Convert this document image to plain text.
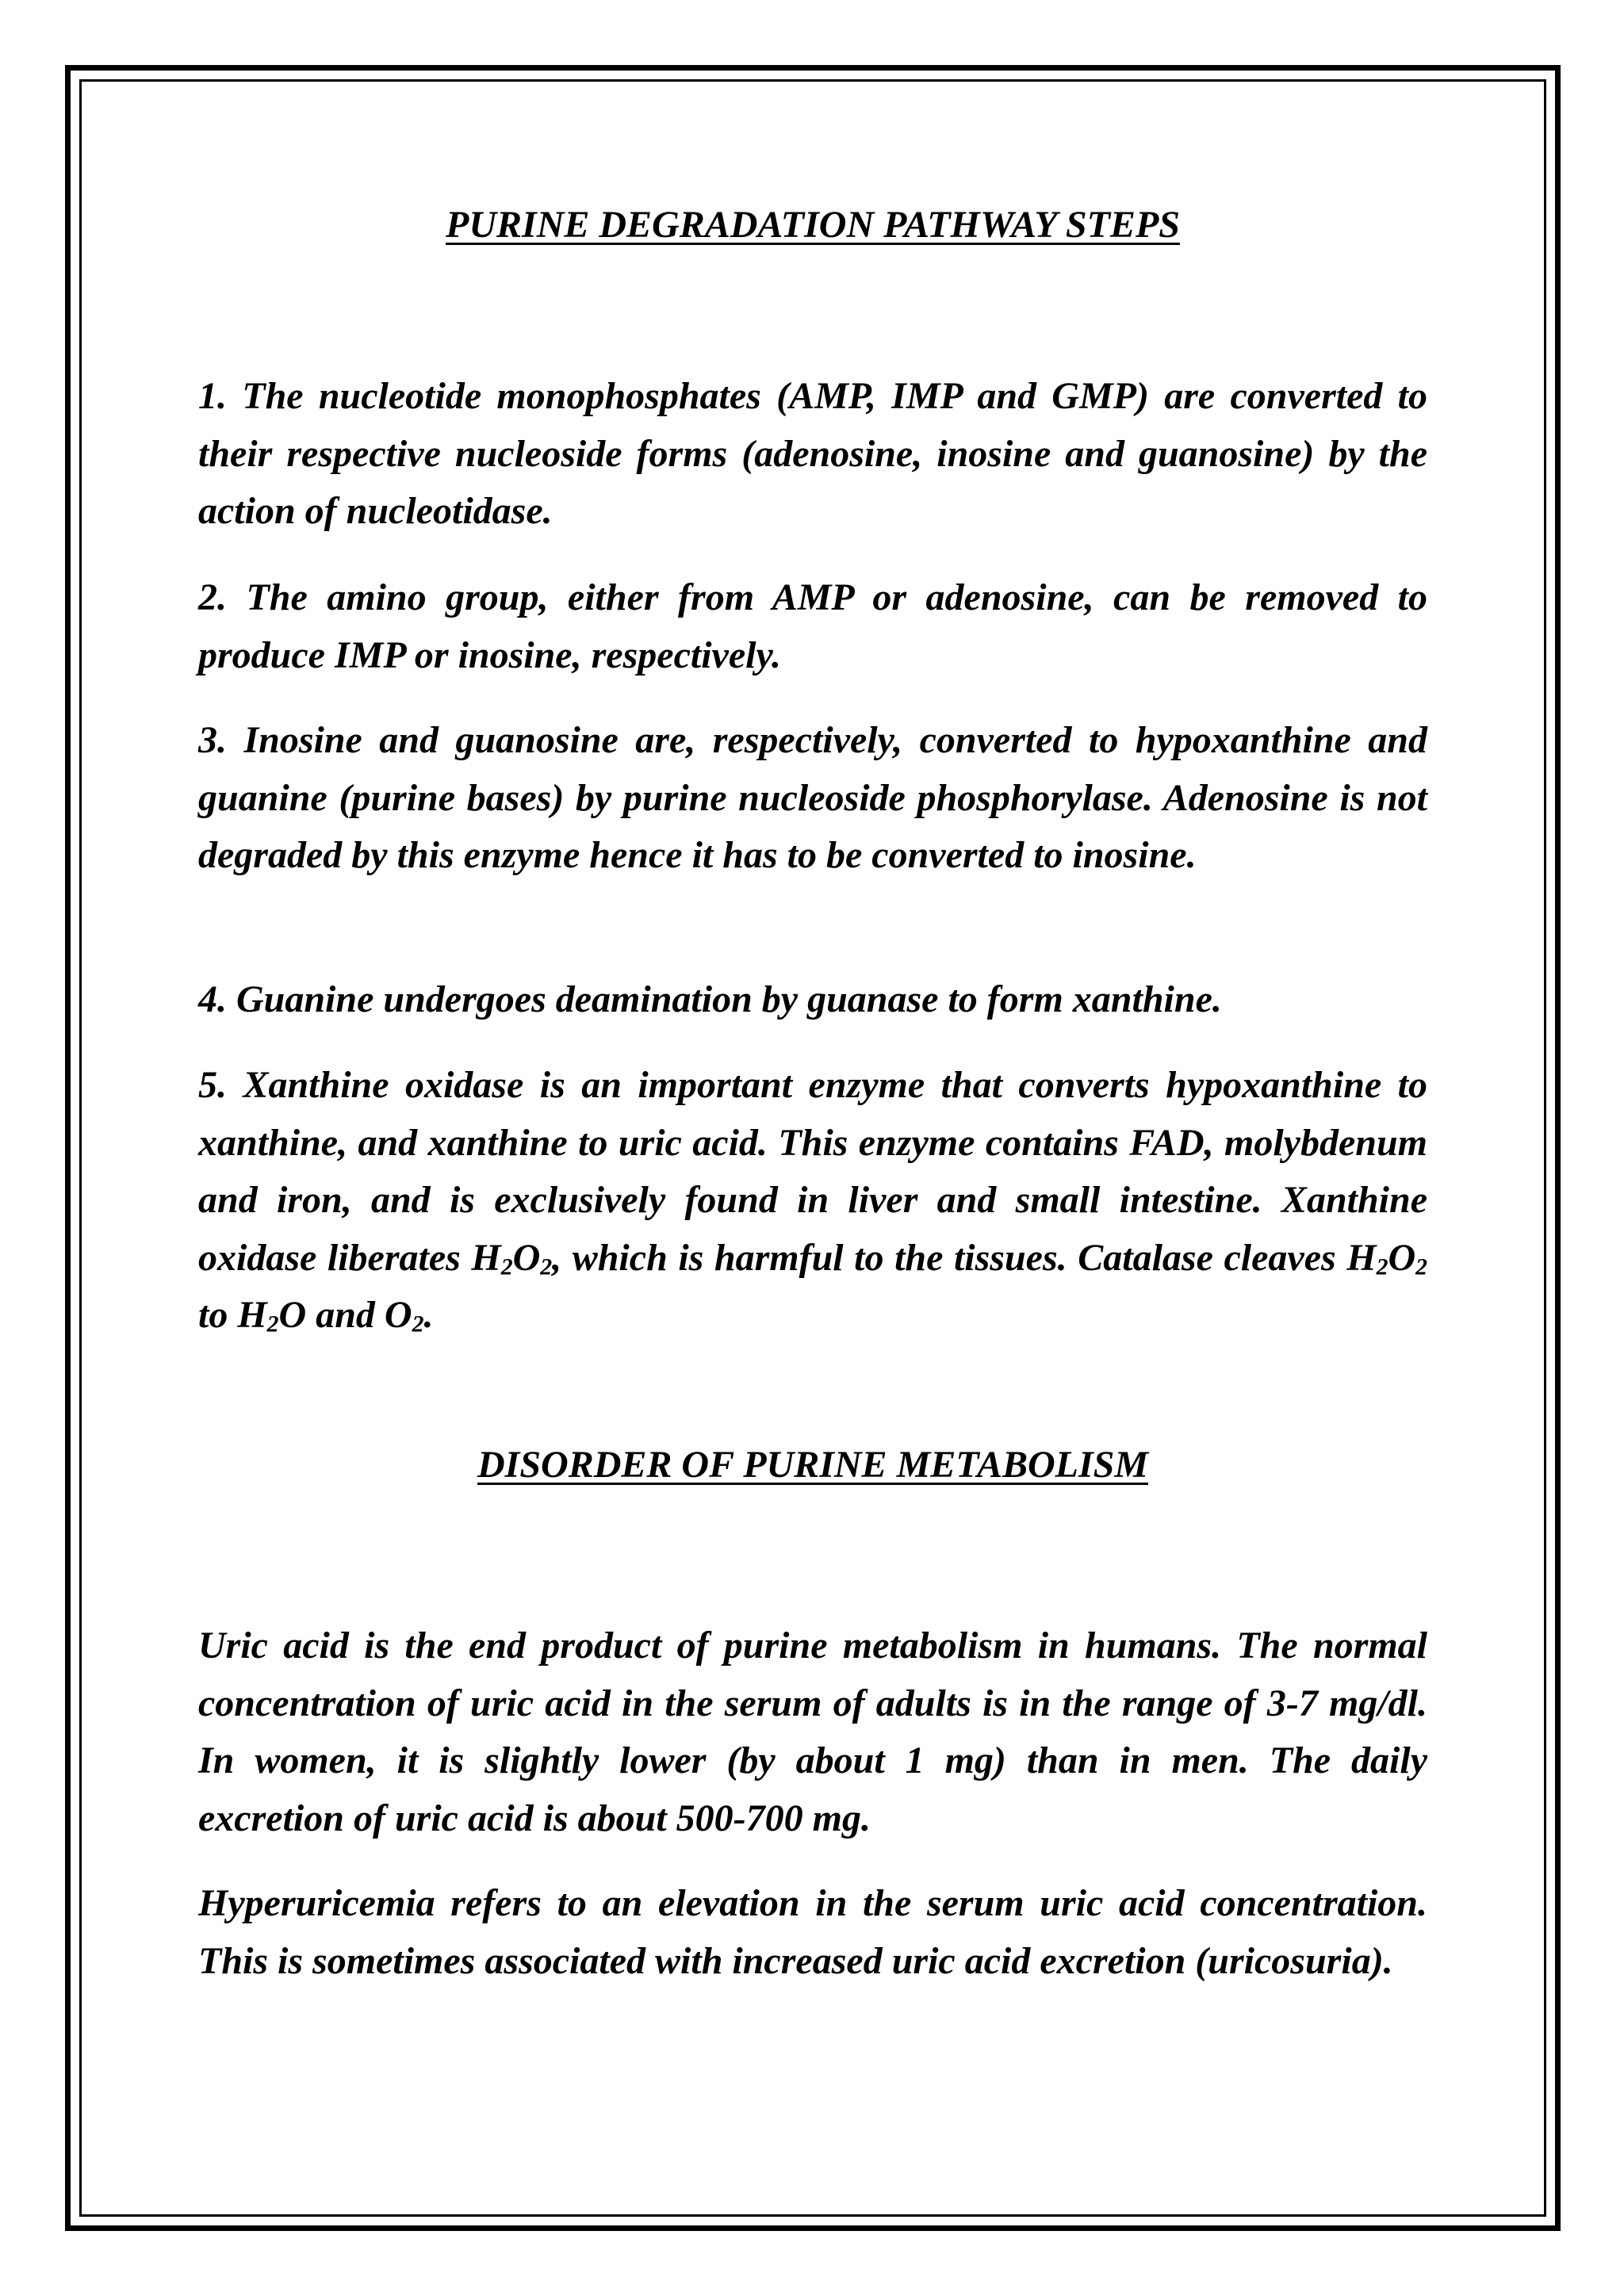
PURINE DEGRADATION PATHWAY STEPS

1. The nucleotide monophosphates (AMP, IMP and GMP) are converted to their respective nucleoside forms (adenosine, inosine and guanosine) by the action of nucleotidase.

2. The amino group, either from AMP or adenosine, can be removed to produce IMP or inosine, respectively.

3. Inosine and guanosine are, respectively, converted to hypoxanthine and guanine (purine bases) by purine nucleoside phosphorylase. Adenosine is not degraded by this enzyme hence it has to be converted to inosine.

4. Guanine undergoes deamination by guanase to form xanthine.

5. Xanthine oxidase is an important enzyme that converts hypoxanthine to xanthine, and xanthine to uric acid. This enzyme contains FAD, molybdenum and iron, and is exclusively found in liver and small intestine. Xanthine oxidase liberates $H_2O_2$, which is harmful to the tissues. Catalase cleaves $H_2O_2$ to $H_2O$ and $O_2$.

DISORDER OF PURINE METABOLISM

Uric acid is the end product of purine metabolism in humans. The normal concentration of uric acid in the serum of adults is in the range of 3-7 mg/dl. In women, it is slightly lower (by about 1 mg) than in men. The daily excretion of uric acid is about 500-700 mg.

Hyperuricemia refers to an elevation in the serum uric acid concentration. This is sometimes associated with increased uric acid excretion (uricosuria).
